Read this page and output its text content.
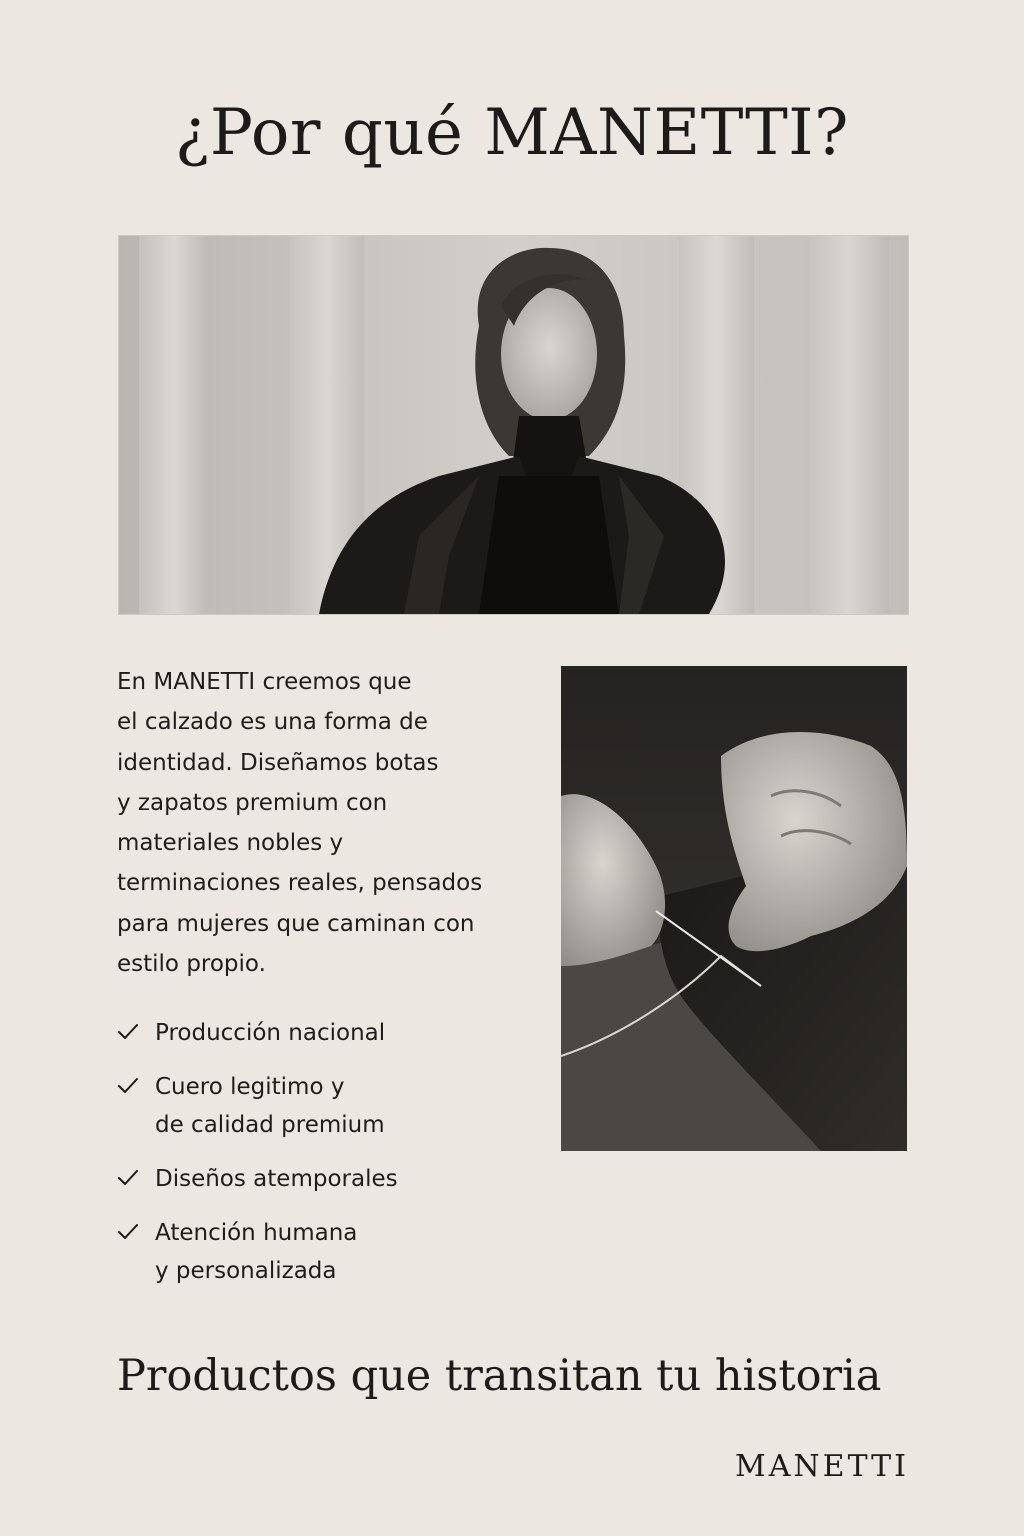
¿Por qué MANETTI?

En MANETTI creemos que
el calzado es una forma de
identidad. Diseñamos botas
y zapatos premium con
materiales nobles y
terminaciones reales, pensados
para mujeres que caminan con
estilo propio.

Producción nacional
Cuero legitimo y
de calidad premium
Diseños atemporales
Atención humana
y personalizada
Productos que transitan tu historia
MANETTI
